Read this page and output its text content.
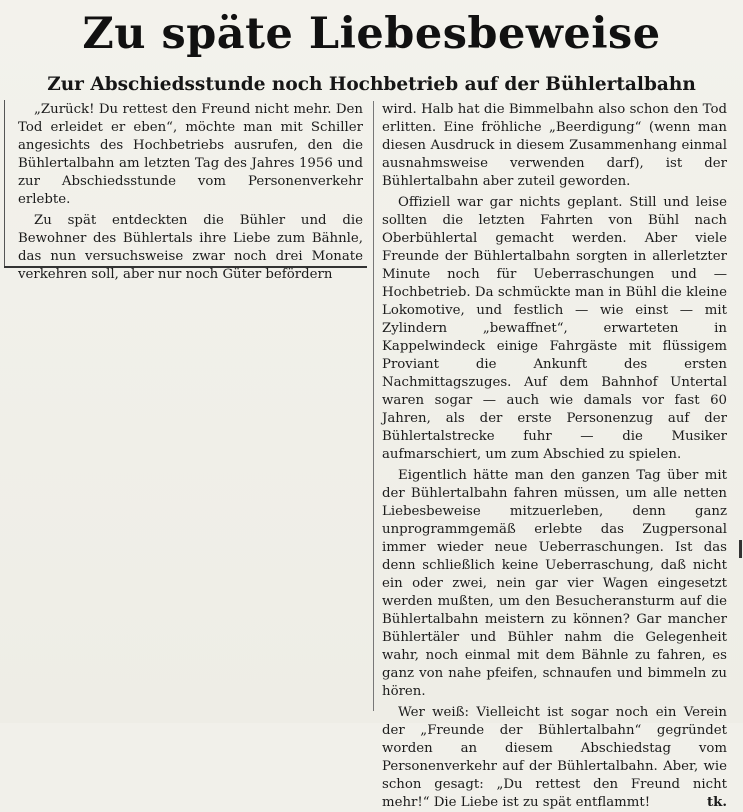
Zu späte Liebesbeweise
Zur Abschiedsstunde noch Hochbetrieb auf der Bühlertalbahn

„Zurück! Du rettest den Freund nicht mehr. Den Tod erleidet er eben“, möchte man mit Schiller angesichts des Hochbetriebs ausrufen, den die Bühlertalbahn am letzten Tag des Jahres 1956 und zur Abschiedsstunde vom Personenverkehr erlebte.

Zu spät entdeckten die Bühler und die Bewohner des Bühlertals ihre Liebe zum Bähnle, das nun versuchsweise zwar noch drei Monate verkehren soll, aber nur noch Güter befördern

wird. Halb hat die Bimmelbahn also schon den Tod erlitten. Eine fröhliche „Beerdigung“ (wenn man diesen Ausdruck in diesem Zusammenhang einmal ausnahmsweise verwenden darf), ist der Bühlertalbahn aber zuteil geworden.

Offiziell war gar nichts geplant. Still und leise sollten die letzten Fahrten von Bühl nach Oberbühlertal gemacht werden. Aber viele Freunde der Bühlertalbahn sorgten in allerletzter Minute noch für Ueberraschungen und — Hochbetrieb. Da schmückte man in Bühl die kleine Lokomotive, und festlich — wie einst — mit Zylindern „bewaffnet“, erwarteten in Kappelwindeck einige Fahrgäste mit flüssigem Proviant die Ankunft des ersten Nachmittagszuges. Auf dem Bahnhof Untertal waren sogar — auch wie damals vor fast 60 Jahren, als der erste Personenzug auf der Bühlertalstrecke fuhr — die Musiker aufmarschiert, um zum Abschied zu spielen.

Eigentlich hätte man den ganzen Tag über mit der Bühlertalbahn fahren müssen, um alle netten Liebesbeweise mitzuerleben, denn ganz unprogrammgemäß erlebte das Zugpersonal immer wieder neue Ueberraschungen. Ist das denn schließlich keine Ueberraschung, daß nicht ein oder zwei, nein gar vier Wagen eingesetzt werden mußten, um den Besucheransturm auf die Bühlertalbahn meistern zu können? Gar mancher Bühlertäler und Bühler nahm die Gelegenheit wahr, noch einmal mit dem Bähnle zu fahren, es ganz von nahe pfeifen, schnaufen und bimmeln zu hören.

Wer weiß: Vielleicht ist sogar noch ein Verein der „Freunde der Bühlertalbahn“ gegründet worden an diesem Abschiedstag vom Personenverkehr auf der Bühlertalbahn. Aber, wie schon gesagt: „Du rettest den Freund nicht mehr!“ Die Liebe ist zu spät entflammt!	tk.
